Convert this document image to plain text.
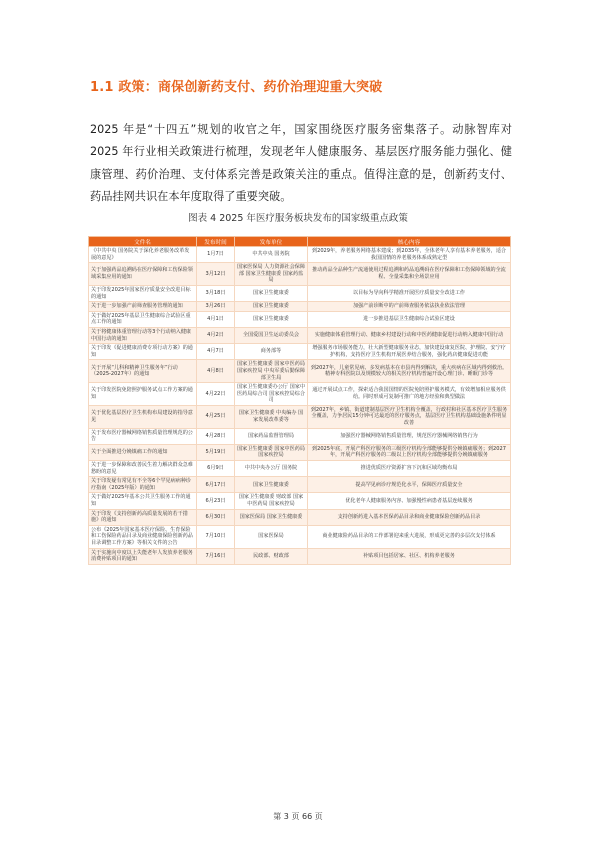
1.1 政策：商保创新药支付、药价治理迎重大突破
2025 年是“十四五”规划的收官之年，国家围绕医疗服务密集落子。动脉智库对 2025 年行业相关政策进行梳理，发现老年人健康服务、基层医疗服务能力强化、健康管理、药价治理、支付体系完善是政策关注的重点。值得注意的是，创新药支付、药品挂网共识在本年度取得了重要突破。
图表 4 2025 年医疗服务板块发布的国家级重点政策
文件名	发布时间	发布单位	核心内容
《中共中央 国务院关于深化养老服务改革发展的意见》	1月7日	中共中央 国务院	到2029年，养老服务网络基本建成；到2035年，全体老年人享有基本养老服务，适合我国国情的养老服务体系成熟定型
关于加强药品追溯码在医疗保障和工伤保险领域采集应用的通知	3月12日	国家医保局 人力资源社会保障部 国家卫生健康委 国家药监局	推动药品全品种生产流通使用过程追溯和药品追溯码在医疗保障和工伤保障领域的全流程、全量采集和全场景应用
关于印发2025年国家医疗质量安全改进目标的通知	3月18日	国家卫生健康委	以目标为导向科学精准开展医疗质量安全改进工作
关于进一步加强产前筛查服务管理的通知	3月26日	国家卫生健康委	加强产前诊断中的产前筛查服务依法执业依法管理
关于做好2025年基层卫生健康综合试验区重点工作的通知	4月1日	国家卫生健康委	进一步推进基层卫生健康综合试验区建设
关于将健康体重管理行动等3个行动纳入健康中国行动的通知	4月2日	全国爱国卫生运动委员会	实施健康体重管理行动、健康乡村建设行动和中医药健康促进行动纳入健康中国行动
关于印发《促进健康消费专项行动方案》的通知	4月7日	商务部等	增强服务市场服务能力，壮大新型健康服务业态，加快建设康复医院、护理院、安宁疗护机构，支持医疗卫生机构开展医养结合服务，强化药店健康促进功能
关于开展“儿科和精神卫生服务年”行动（2025-2027年）的通知	4月8日	国家卫生健康委 国家中医药局 国家疾控局 中央军委后勤保障部卫生局	到2027年，儿童常见病、多发病基本在市县内得到解决，重大疾病在区域内得到救治。精神专科医院以及规模较大的相关医疗机构普遍开设心理门诊、睡眠门诊等
关于印发医院免陪照护服务试点工作方案的通知	4月22日	国家卫生健康委办公厅 国家中医药局综合司 国家疾控局综合司	通过开展试点工作，探索适合我国国情的医院免陪照护服务模式，有效增加相应服务供给。同时形成可复制可推广的地方经验和典型做法
关于优化基层医疗卫生机构布局建设的指导意见	4月25日	国家卫生健康委 中央编办 国家发展改革委等	到2027年，乡镇、街道建制基层医疗卫生机构全覆盖，行政村和社区基本医疗卫生服务全覆盖，力争居民15分钟可达最近的医疗服务点，基层医疗卫生机构基础设施条件明显改善
关于发布医疗器械网络销售质量管理规范的公告	4月28日	国家药品监督管理局	加强医疗器械网络销售质量管理，规范医疗器械网络销售行为
关于全面推进分娩镇痛工作的通知	5月19日	国家卫生健康委 国家中医药局 国家疾控局	到2025年底，开展产科医疗服务的三级医疗机构全部能够提供分娩镇痛服务；到2027年，开展产科医疗服务的二级以上医疗机构全部能够提供分娩镇痛服务
关于进一步保障和改善民生着力解决群众急难愁盼的意见	6月9日	中共中央办公厅 国务院	推进优质医疗资源扩容下沉和区域均衡布局
关于印发疑有常见有不全等6个罕见病病种诊疗指南（2025年版）的通知	6月17日	国家卫生健康委	提高罕见病诊疗规范化水平，保障医疗质量安全
关于做好2025年基本公共卫生服务工作的通知	6月23日	国家卫生健康委 财政部 国家中医药局 国家疾控局	优化老年人健康服务内容、加强慢性病患者基层连续服务
关于印发《支持创新药高质量发展的若干措施》的通知	6月30日	国家医保局 国家卫生健康委	支持创新药进入基本医保药品目录和商业健康保险创新药品目录
公布《2025年国家基本医疗保险、生育保险和工伤保险药品目录及商业健康保险创新药品目录调整工作方案》等相关文件的公告	7月10日	国家医保局	商业健康险药品目录的工作部署迎来重大进展，形成更完善的多层次支付体系
关于实施向中度以上失能老年人发放养老服务消费补贴项目的通知	7月16日	民政部、财政部	补贴项目包括居家、社区、机构养老服务
第 3 页 66 页
